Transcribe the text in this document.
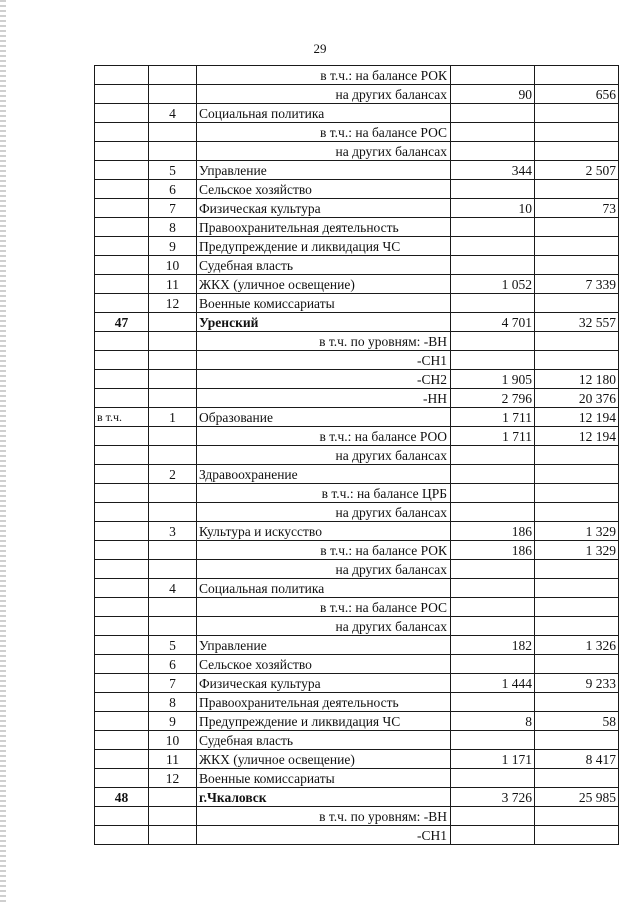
29
		в т.ч.: на балансе РОК		
		на других балансах	90	656
	4	Социальная политика		
		в т.ч.: на балансе РОС		
		на других балансах		
	5	Управление	344	2 507
	6	Сельское хозяйство		
	7	Физическая культура	10	73
	8	Правоохранительная деятельность		
	9	Предупреждение и ликвидация ЧС		
	10	Судебная власть		
	11	ЖКХ (уличное освещение)	1 052	7 339
	12	Военные комиссариаты		
47		Уренский	4 701	32 557
		в т.ч. по уровням: -ВН		
		-СН1		
		-СН2	1 905	12 180
		-НН	2 796	20 376
в т.ч.	1	Образование	1 711	12 194
		в т.ч.: на балансе РОО	1 711	12 194
		на других балансах		
	2	Здравоохранение		
		в т.ч.: на балансе ЦРБ		
		на других балансах		
	3	Культура и искусство	186	1 329
		в т.ч.: на балансе РОК	186	1 329
		на других балансах		
	4	Социальная политика		
		в т.ч.: на балансе РОС		
		на других балансах		
	5	Управление	182	1 326
	6	Сельское хозяйство		
	7	Физическая культура	1 444	9 233
	8	Правоохранительная деятельность		
	9	Предупреждение и ликвидация ЧС	8	58
	10	Судебная власть		
	11	ЖКХ (уличное освещение)	1 171	8 417
	12	Военные комиссариаты		
48		г.Чкаловск	3 726	25 985
		в т.ч. по уровням: -ВН		
		-СН1		
